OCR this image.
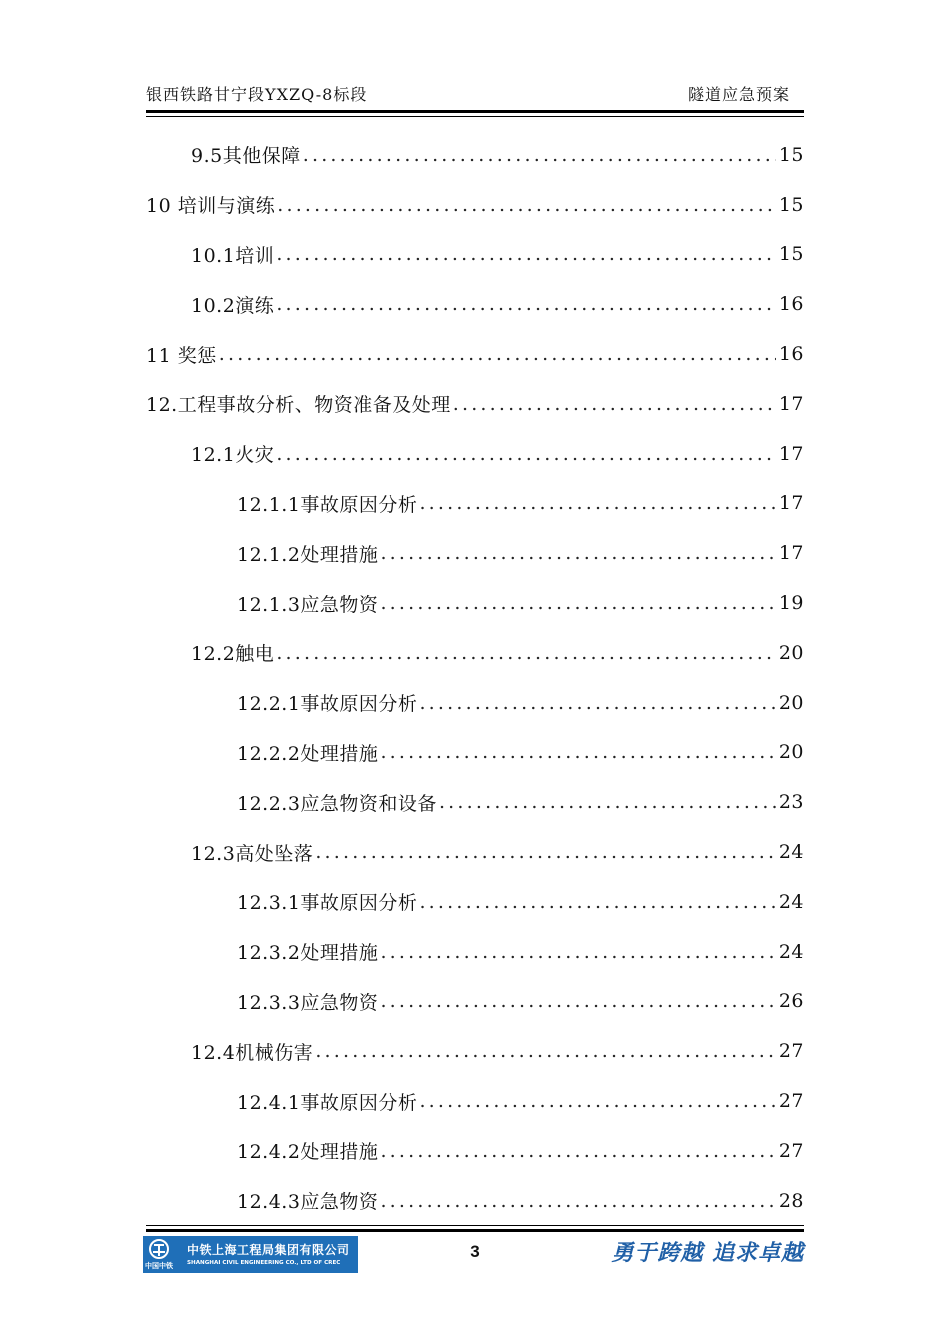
银西铁路甘宁段YXZQ-8标段	隧道应急预案
9.5其他保障 .....	15
10 培训与演练 .....	15
10.1培训 .....	15
10.2演练 .....	16
11 奖惩 .....	16
12.工程事故分析、物资准备及处理 .....	17
12.1火灾 .....	17
12.1.1事故原因分析 .....	17
12.1.2处理措施 .....	17
12.1.3应急物资 .....	19
12.2触电 .....	20
12.2.1事故原因分析 .....	20
12.2.2处理措施 .....	20
12.2.3应急物资和设备 .....	23
12.3高处坠落 .....	24
12.3.1事故原因分析 .....	24
12.3.2处理措施 .....	24
12.3.3应急物资 .....	26
12.4机械伤害 .....	27
12.4.1事故原因分析 .....	27
12.4.2处理措施 .....	27
12.4.3应急物资 .....	28
中国中铁
中铁上海工程局集团有限公司
SHANGHAI CIVIL ENGINEERING CO., LTD OF CREC
3	勇于跨越 追求卓越
